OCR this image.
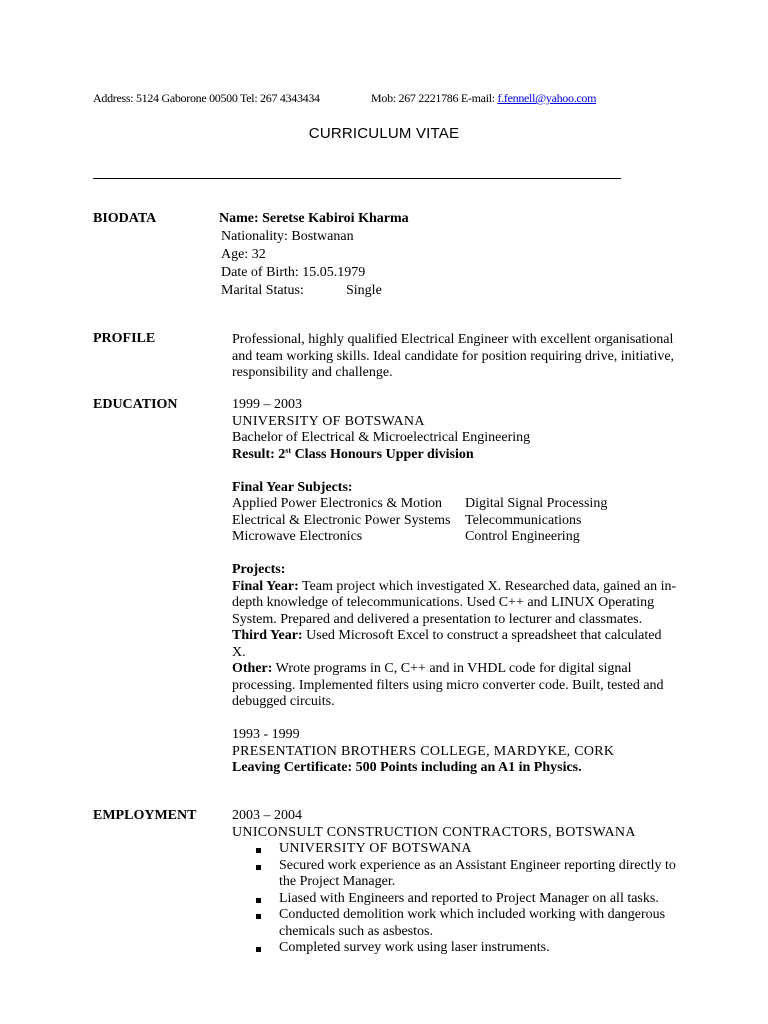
Address: 5124 Gaborone 00500 Tel: 267 4343434	Mob: 267 2221786 E-mail: f.fennell@yahoo.com
CURRICULUM VITAE
BIODATA	Name: Seretse Kabiroi Kharma

Nationality: Bostwanan

Age: 32

Date of Birth: 15.05.1979

Marital Status:	Single

PROFILE	Professional, highly qualified Electrical Engineer with excellent organisational and team working skills. Ideal candidate for position requiring drive, initiative, responsibility and challenge.
EDUCATION	1999 – 2003

UNIVERSITY OF BOTSWANA

Bachelor of Electrical & Microelectrical Engineering

Result: 2st Class Honours Upper division

Final Year Subjects:

Applied Power Electronics & Motion	Digital Signal Processing
Electrical & Electronic Power Systems	Telecommunications
Microwave Electronics	Control Engineering

Projects:

Final Year: Team project which investigated X. Researched data, gained an in-depth knowledge of telecommunications. Used C++ and LINUX Operating System. Prepared and delivered a presentation to lecturer and classmates.

Third Year: Used Microsoft Excel to construct a spreadsheet that calculated X.

Other: Wrote programs in C, C++ and in VHDL code for digital signal processing. Implemented filters using micro converter code. Built, tested and debugged circuits.

1993 - 1999

PRESENTATION BROTHERS COLLEGE, MARDYKE, CORK

Leaving Certificate: 500 Points including an A1 in Physics.

EMPLOYMENT	2003 – 2004

UNICONSULT CONSTRUCTION CONTRACTORS, BOTSWANA

UNIVERSITY OF BOTSWANA
Secured work experience as an Assistant Engineer reporting directly to the Project Manager.
Liased with Engineers and reported to Project Manager on all tasks.
Conducted demolition work which included working with dangerous chemicals such as asbestos.
Completed survey work using laser instruments.
